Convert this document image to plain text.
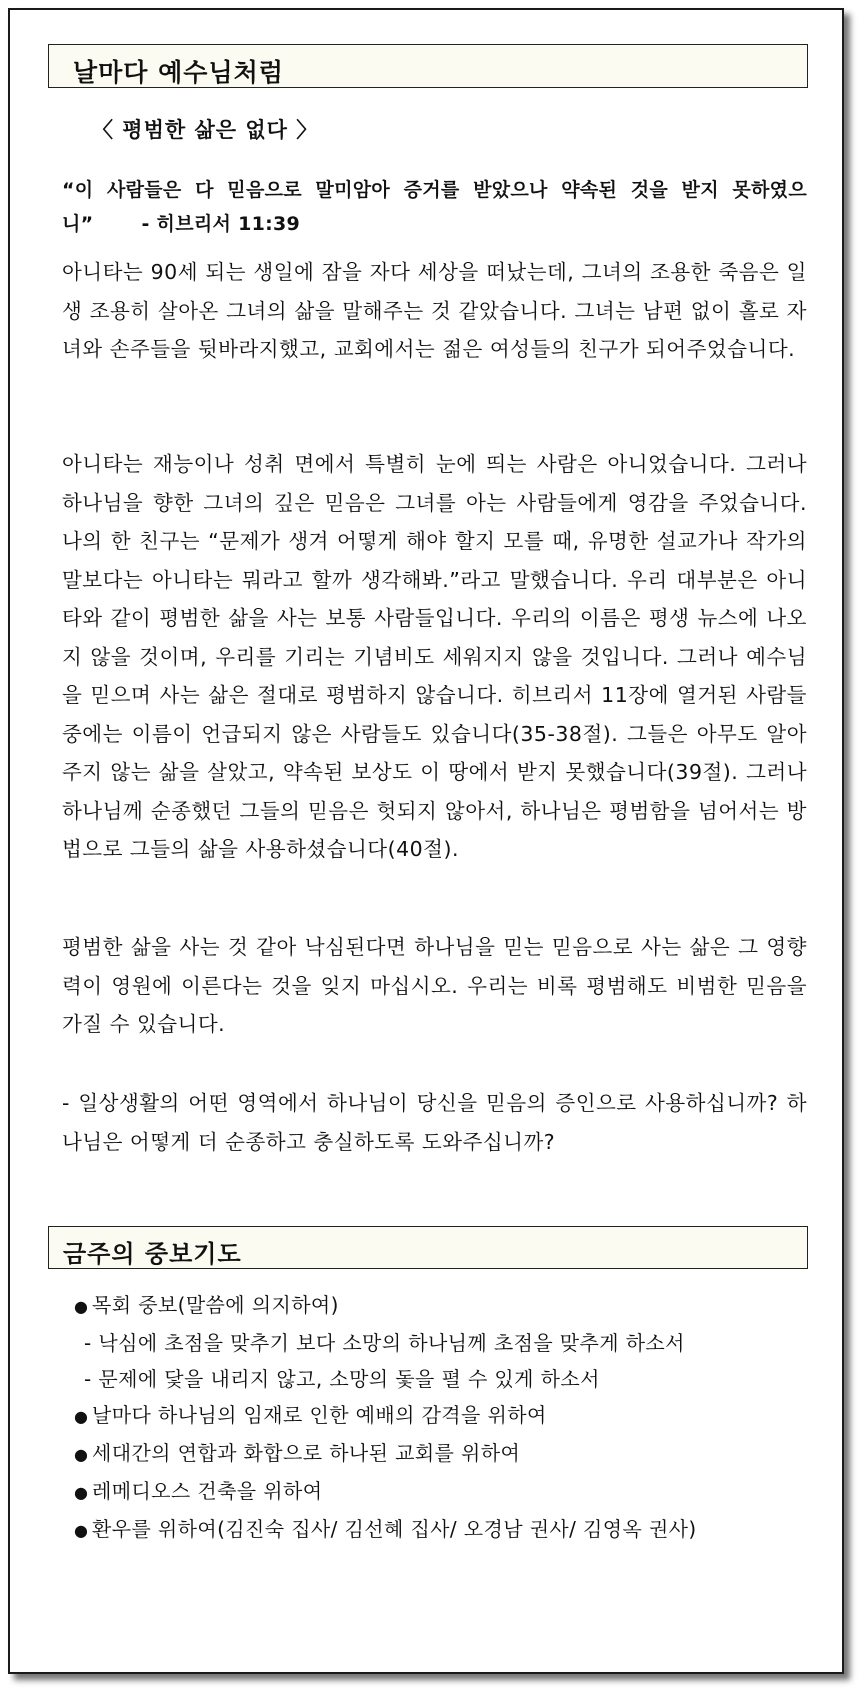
날마다 예수님처럼
〈 평범한 삶은 없다 〉
“이 사람들은 다 믿음으로 말미암아 증거를 받았으나 약속된 것을 받지 못하였으니”	- 히브리서 11:39
아니타는 90세 되는 생일에 잠을 자다 세상을 떠났는데, 그녀의 조용한 죽음은 일생 조용히 살아온 그녀의 삶을 말해주는 것 같았습니다. 그녀는 남편 없이 홀로 자녀와 손주들을 뒷바라지했고, 교회에서는 젊은 여성들의 친구가 되어주었습니다.
아니타는 재능이나 성취 면에서 특별히 눈에 띄는 사람은 아니었습니다. 그러나 하나님을 향한 그녀의 깊은 믿음은 그녀를 아는 사람들에게 영감을 주었습니다. 나의 한 친구는 “문제가 생겨 어떻게 해야 할지 모를 때, 유명한 설교가나 작가의 말보다는 아니타는 뭐라고 할까 생각해봐.”라고 말했습니다. 우리 대부분은 아니타와 같이 평범한 삶을 사는 보통 사람들입니다. 우리의 이름은 평생 뉴스에 나오지 않을 것이며, 우리를 기리는 기념비도 세워지지 않을 것입니다. 그러나 예수님을 믿으며 사는 삶은 절대로 평범하지 않습니다. 히브리서 11장에 열거된 사람들 중에는 이름이 언급되지 않은 사람들도 있습니다(35-38절). 그들은 아무도 알아주지 않는 삶을 살았고, 약속된 보상도 이 땅에서 받지 못했습니다(39절). 그러나 하나님께 순종했던 그들의 믿음은 헛되지 않아서, 하나님은 평범함을 넘어서는 방법으로 그들의 삶을 사용하셨습니다(40절).
평범한 삶을 사는 것 같아 낙심된다면 하나님을 믿는 믿음으로 사는 삶은 그 영향력이 영원에 이른다는 것을 잊지 마십시오. 우리는 비록 평범해도 비범한 믿음을 가질 수 있습니다.
- 일상생활의 어떤 영역에서 하나님이 당신을 믿음의 증인으로 사용하십니까? 하나님은 어떻게 더 순종하고 충실하도록 도와주십니까?
금주의 중보기도
● 목회 중보(말씀에 의지하여)
- 낙심에 초점을 맞추기 보다 소망의 하나님께 초점을 맞추게 하소서
- 문제에 닻을 내리지 않고, 소망의 돛을 펼 수 있게 하소서
● 날마다 하나님의 임재로 인한 예배의 감격을 위하여
● 세대간의 연합과 화합으로 하나된 교회를 위하여
● 레메디오스 건축을 위하여
● 환우를 위하여(김진숙 집사/ 김선혜 집사/ 오경남 권사/ 김영옥 권사)
